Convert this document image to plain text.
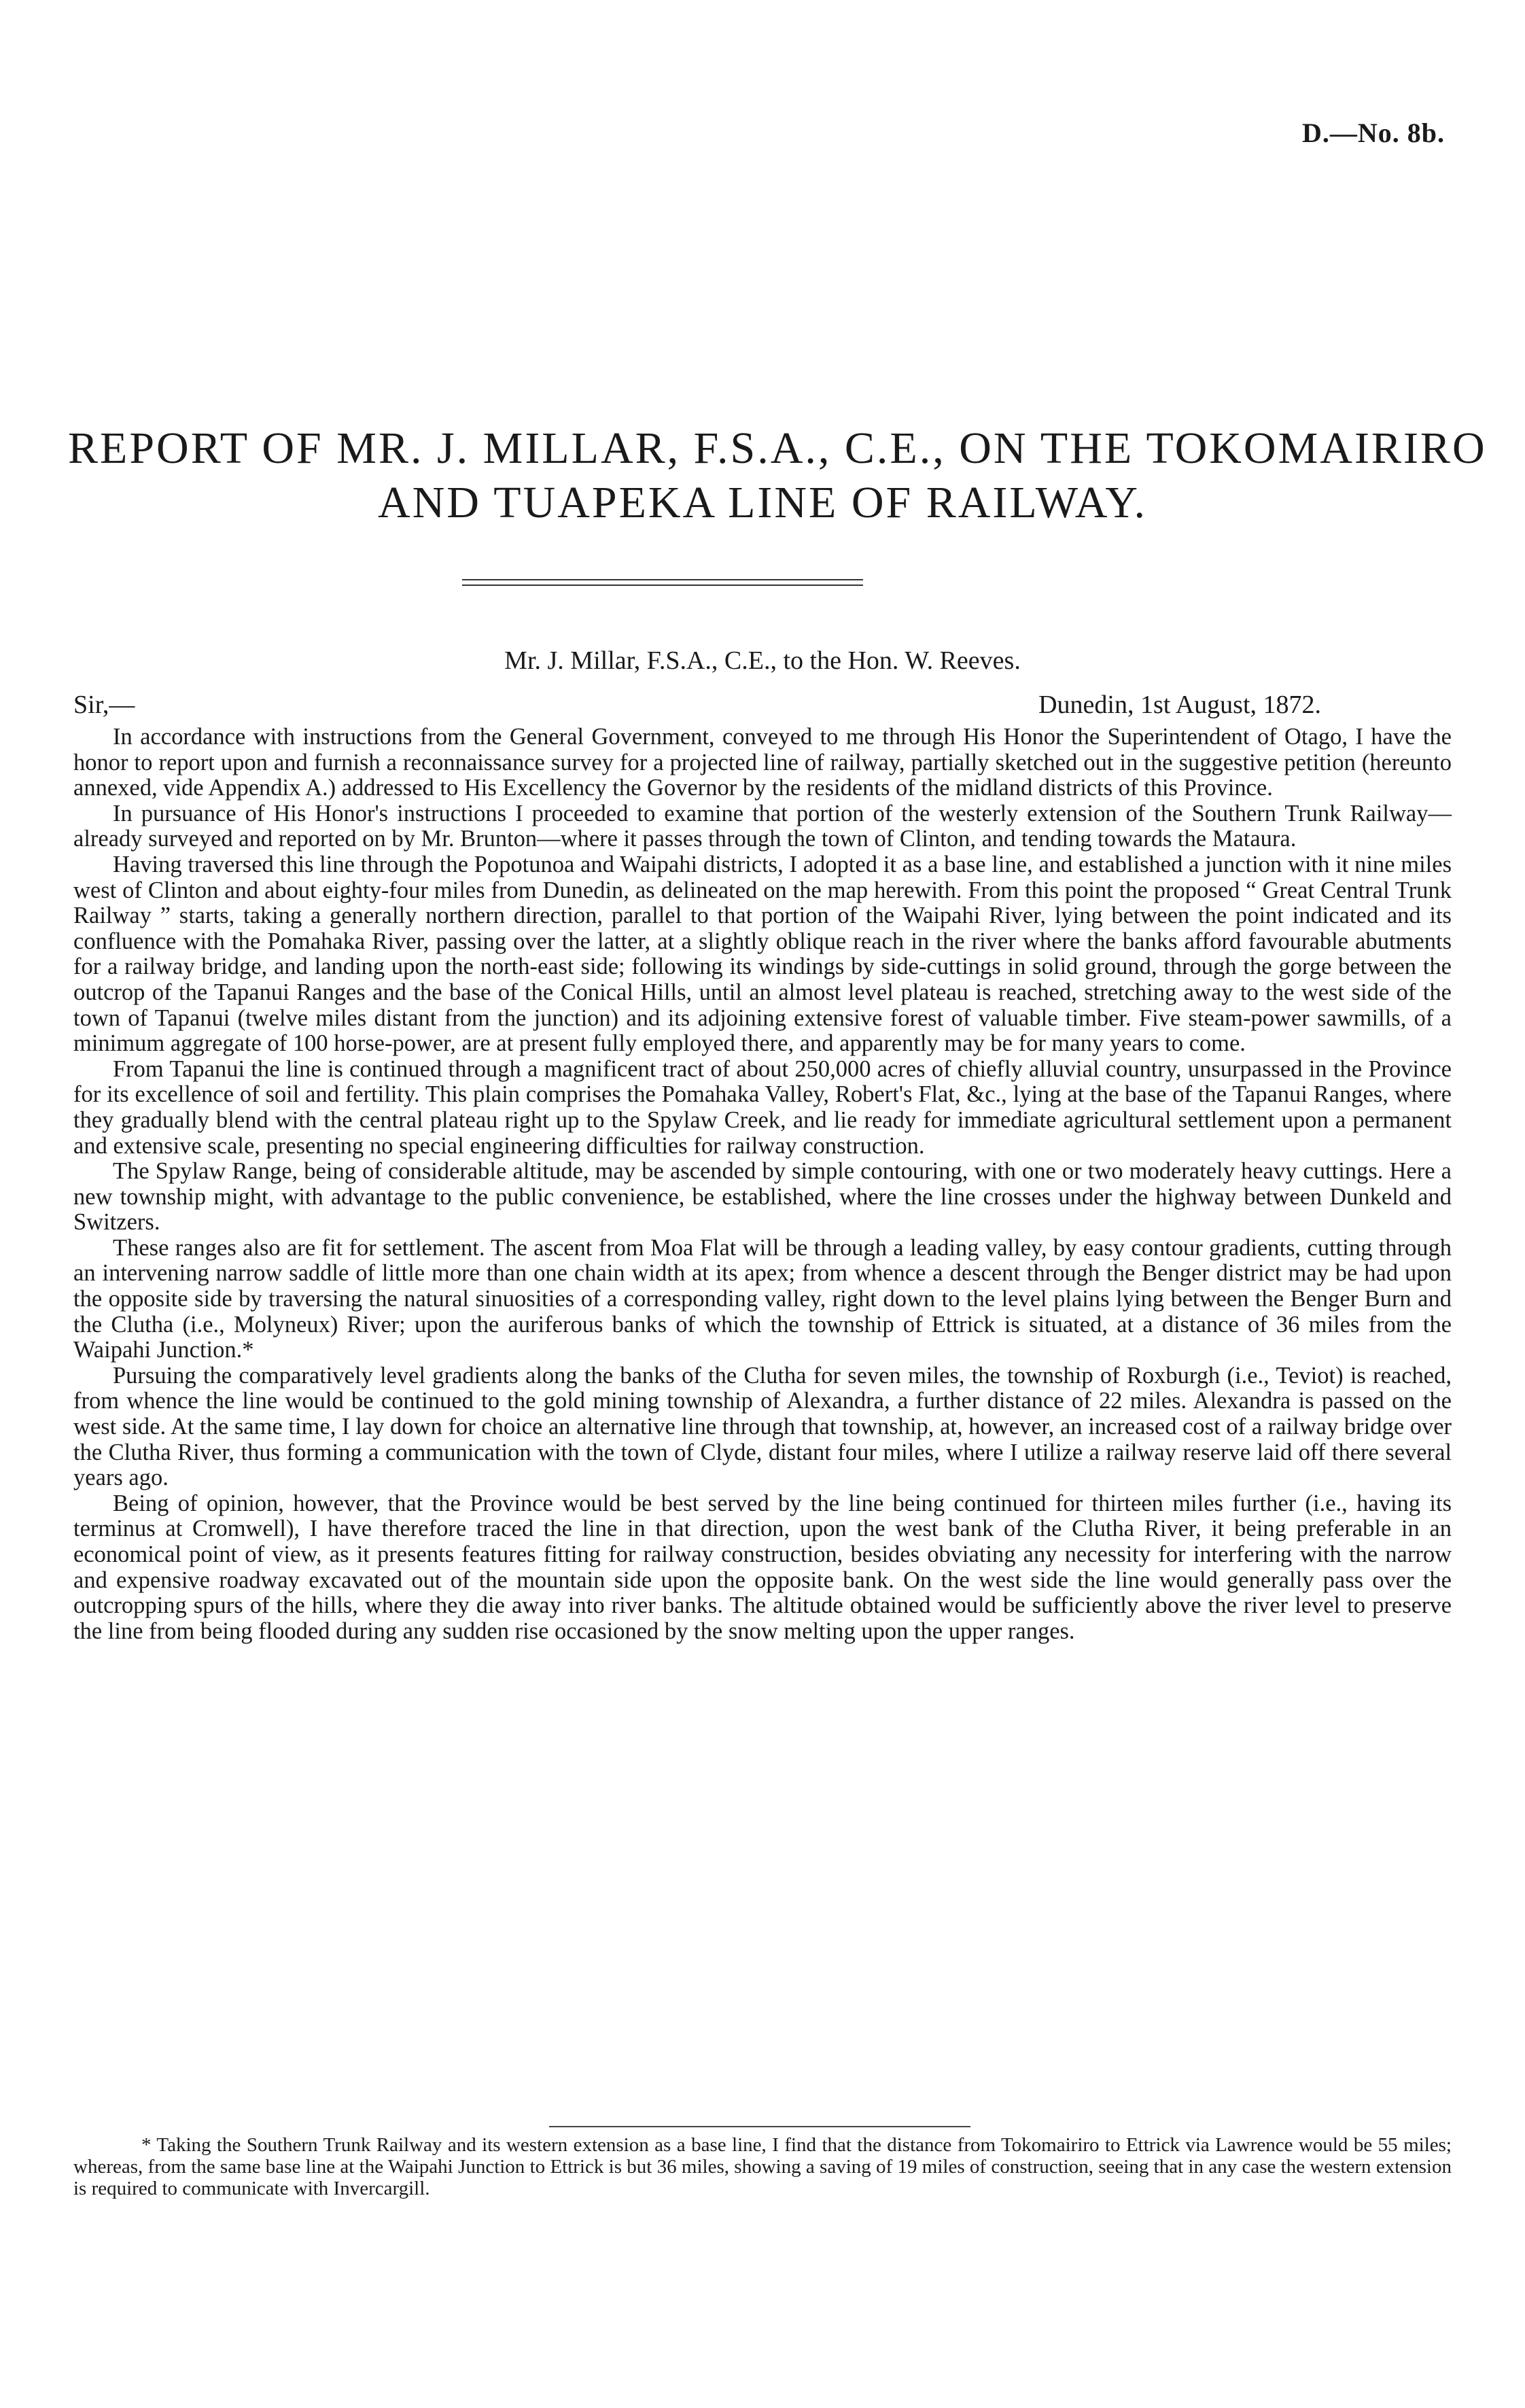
D.—No. 8b.
REPORT OF MR. J. MILLAR, F.S.A., C.E., ON THE TOKOMAIRIRO
AND TUAPEKA LINE OF RAILWAY.
Mr. J. Millar, F.S.A., C.E., to the Hon. W. Reeves.
Sir,—	Dunedin, 1st August, 1872.

In accordance with instructions from the General Government, conveyed to me through His Honor the Superintendent of Otago, I have the honor to report upon and furnish a reconnaissance survey for a projected line of railway, partially sketched out in the suggestive petition (hereunto annexed, vide Appendix A.) addressed to His Excellency the Governor by the residents of the midland districts of this Province.

In pursuance of His Honor's instructions I proceeded to examine that portion of the westerly extension of the Southern Trunk Railway—already surveyed and reported on by Mr. Brunton—where it passes through the town of Clinton, and tending towards the Mataura.

Having traversed this line through the Popotunoa and Waipahi districts, I adopted it as a base line, and established a junction with it nine miles west of Clinton and about eighty-four miles from Dunedin, as delineated on the map herewith. From this point the proposed “ Great Central Trunk Railway ” starts, taking a generally northern direction, parallel to that portion of the Waipahi River, lying between the point indicated and its confluence with the Pomahaka River, passing over the latter, at a slightly oblique reach in the river where the banks afford favourable abutments for a railway bridge, and landing upon the north-east side; following its windings by side-cuttings in solid ground, through the gorge between the outcrop of the Tapanui Ranges and the base of the Conical Hills, until an almost level plateau is reached, stretching away to the west side of the town of Tapanui (twelve miles distant from the junction) and its adjoining extensive forest of valuable timber. Five steam-power sawmills, of a minimum aggregate of 100 horse-power, are at present fully employed there, and apparently may be for many years to come.

From Tapanui the line is continued through a magnificent tract of about 250,000 acres of chiefly alluvial country, unsurpassed in the Province for its excellence of soil and fertility. This plain comprises the Pomahaka Valley, Robert's Flat, &c., lying at the base of the Tapanui Ranges, where they gradually blend with the central plateau right up to the Spylaw Creek, and lie ready for immediate agricultural settlement upon a permanent and extensive scale, presenting no special engineering difficulties for railway construction.

The Spylaw Range, being of considerable altitude, may be ascended by simple contouring, with one or two moderately heavy cuttings. Here a new township might, with advantage to the public convenience, be established, where the line crosses under the highway between Dunkeld and Switzers.

These ranges also are fit for settlement. The ascent from Moa Flat will be through a leading valley, by easy contour gradients, cutting through an intervening narrow saddle of little more than one chain width at its apex; from whence a descent through the Benger district may be had upon the opposite side by traversing the natural sinuosities of a corresponding valley, right down to the level plains lying between the Benger Burn and the Clutha (i.e., Molyneux) River; upon the auriferous banks of which the township of Ettrick is situated, at a distance of 36 miles from the Waipahi Junction.*

Pursuing the comparatively level gradients along the banks of the Clutha for seven miles, the township of Roxburgh (i.e., Teviot) is reached, from whence the line would be continued to the gold mining township of Alexandra, a further distance of 22 miles. Alexandra is passed on the west side. At the same time, I lay down for choice an alternative line through that township, at, however, an increased cost of a railway bridge over the Clutha River, thus forming a communication with the town of Clyde, distant four miles, where I utilize a railway reserve laid off there several years ago.

Being of opinion, however, that the Province would be best served by the line being continued for thirteen miles further (i.e., having its terminus at Cromwell), I have therefore traced the line in that direction, upon the west bank of the Clutha River, it being preferable in an economical point of view, as it presents features fitting for railway construction, besides obviating any necessity for interfering with the narrow and expensive roadway excavated out of the mountain side upon the opposite bank. On the west side the line would generally pass over the outcropping spurs of the hills, where they die away into river banks. The altitude obtained would be sufficiently above the river level to preserve the line from being flooded during any sudden rise occasioned by the snow melting upon the upper ranges.

* Taking the Southern Trunk Railway and its western extension as a base line, I find that the distance from Tokomairiro to Ettrick via Lawrence would be 55 miles; whereas, from the same base line at the Waipahi Junction to Ettrick is but 36 miles, showing a saving of 19 miles of construction, seeing that in any case the western extension is required to communicate with Invercargill.
